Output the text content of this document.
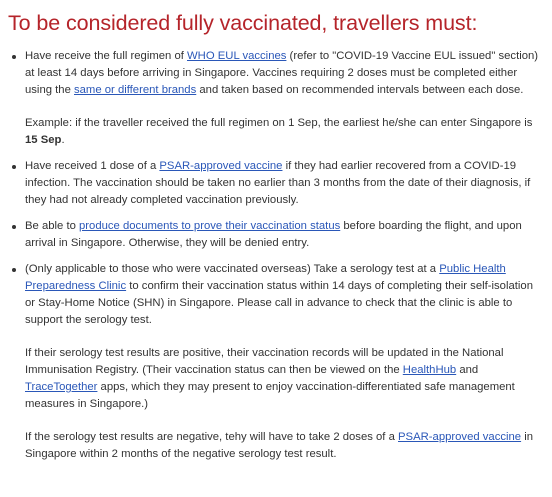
To be considered fully vaccinated, travellers must:
Have receive the full regimen of WHO EUL vaccines (refer to "COVID-19 Vaccine EUL issued" section) at least 14 days before arriving in Singapore. Vaccines requiring 2 doses must be completed either using the same or different brands and taken based on recommended intervals between each dose.

Example: if the traveller received the full regimen on 1 Sep, the earliest he/she can enter Singapore is 15 Sep.

Have received 1 dose of a PSAR-approved vaccine if they had earlier recovered from a COVID-19 infection. The vaccination should be taken no earlier than 3 months from the date of their diagnosis, if they had not already completed vaccination previously.
Be able to produce documents to prove their vaccination status before boarding the flight, and upon arrival in Singapore. Otherwise, they will be denied entry.
(Only applicable to those who were vaccinated overseas) Take a serology test at a Public Health Preparedness Clinic to confirm their vaccination status within 14 days of completing their self-isolation or Stay-Home Notice (SHN) in Singapore. Please call in advance to check that the clinic is able to support the serology test.

If their serology test results are positive, their vaccination records will be updated in the National Immunisation Registry. (Their vaccination status can then be viewed on the HealthHub and TraceTogether apps, which they may present to enjoy vaccination-differentiated safe management measures in Singapore.)

If the serology test results are negative, tehy will have to take 2 doses of a PSAR-approved vaccine in Singapore within 2 months of the negative serology test result.
